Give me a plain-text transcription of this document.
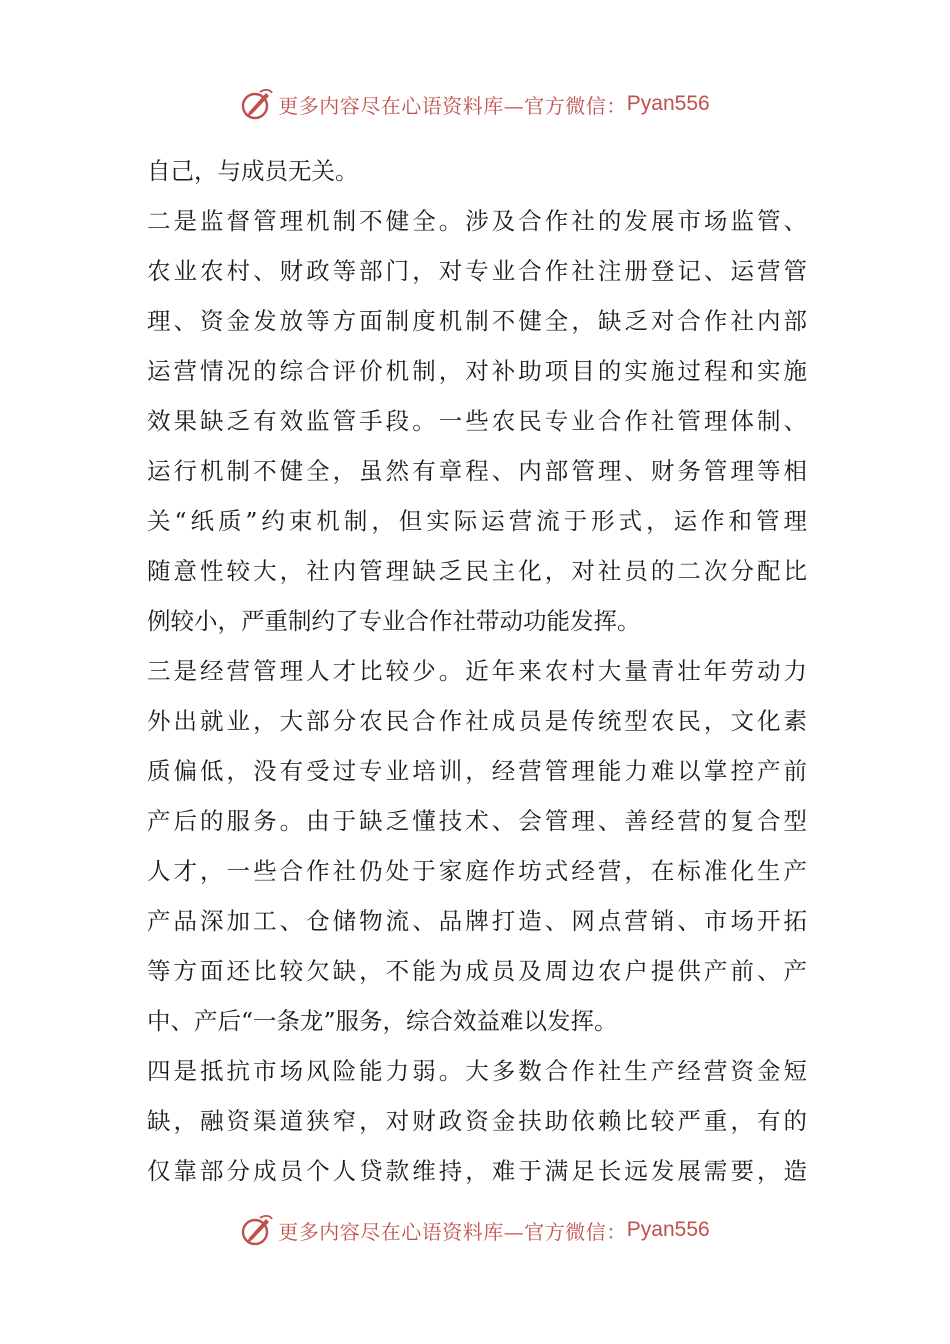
更多内容尽在心语资料库—官方微信： Pyan556
自己，与成员无关。
二是监督管理机制不健全。涉及合作社的发展市场监管、
农业农村、财政等部门，对专业合作社注册登记、运营管
理、资金发放等方面制度机制不健全，缺乏对合作社内部
运营情况的综合评价机制，对补助项目的实施过程和实施
效果缺乏有效监管手段。一些农民专业合作社管理体制、
运行机制不健全，虽然有章程、内部管理、财务管理等相
关“纸质”约束机制，但实际运营流于形式，运作和管理
随意性较大，社内管理缺乏民主化，对社员的二次分配比
例较小，严重制约了专业合作社带动功能发挥。
三是经营管理人才比较少。近年来农村大量青壮年劳动力
外出就业，大部分农民合作社成员是传统型农民，文化素
质偏低，没有受过专业培训，经营管理能力难以掌控产前
产后的服务。由于缺乏懂技术、会管理、善经营的复合型
人才，一些合作社仍处于家庭作坊式经营，在标准化生产
产品深加工、仓储物流、品牌打造、网点营销、市场开拓
等方面还比较欠缺，不能为成员及周边农户提供产前、产
中、产后“一条龙”服务，综合效益难以发挥。
四是抵抗市场风险能力弱。大多数合作社生产经营资金短
缺，融资渠道狭窄，对财政资金扶助依赖比较严重，有的
仅靠部分成员个人贷款维持，难于满足长远发展需要，造
更多内容尽在心语资料库—官方微信： Pyan556
